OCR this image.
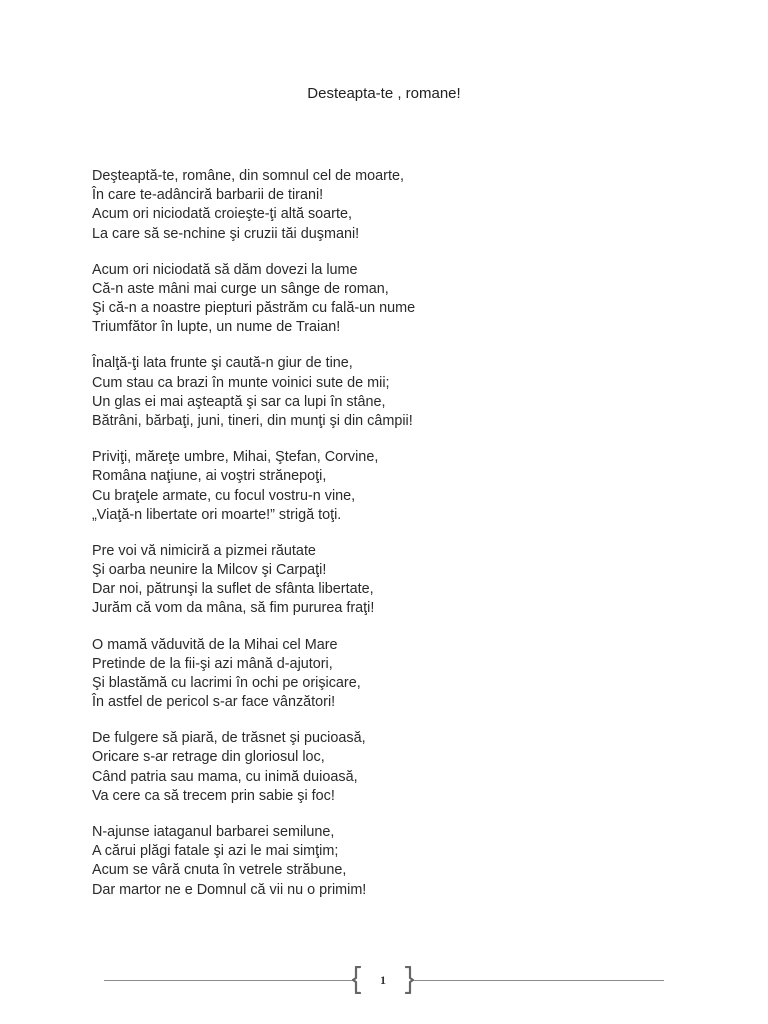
Desteapta-te , romane!
Deşteaptă-te, române, din somnul cel de moarte,
În care te-adânciră barbarii de tirani!
Acum ori niciodată croieşte-ţi altă soarte,
La care să se-nchine şi cruzii tăi duşmani!
Acum ori niciodată să dăm dovezi la lume
Că-n aste mâni mai curge un sânge de roman,
Şi că-n a noastre piepturi păstrăm cu fală-un nume
Triumfător în lupte, un nume de Traian!
Înalţă-ţi lata frunte şi caută-n giur de tine,
Cum stau ca brazi în munte voinici sute de mii;
Un glas ei mai aşteaptă şi sar ca lupi în stâne,
Bătrâni, bărbaţi, juni, tineri, din munţi şi din câmpii!
Priviţi, măreţe umbre, Mihai, Ştefan, Corvine,
Româna naţiune, ai voştri strănepoţi,
Cu braţele armate, cu focul vostru-n vine,
„Viaţă-n libertate ori moarte!” strigă toţi.
Pre voi vă nimiciră a pizmei răutate
Şi oarba neunire la Milcov şi Carpaţi!
Dar noi, pătrunşi la suflet de sfânta libertate,
Jurăm că vom da mâna, să fim pururea fraţi!
O mamă văduvită de la Mihai cel Mare
Pretinde de la fii-şi azi mână d-ajutori,
Şi blastămă cu lacrimi în ochi pe orişicare,
În astfel de pericol s-ar face vânzători!
De fulgere să piară, de trăsnet şi pucioasă,
Oricare s-ar retrage din gloriosul loc,
Când patria sau mama, cu inimă duioasă,
Va cere ca să trecem prin sabie şi foc!
N-ajunse iataganul barbarei semilune,
A cărui plăgi fatale şi azi le mai simţim;
Acum se vâră cnuta în vetrele străbune,
Dar martor ne e Domnul că vii nu o primim!
1
